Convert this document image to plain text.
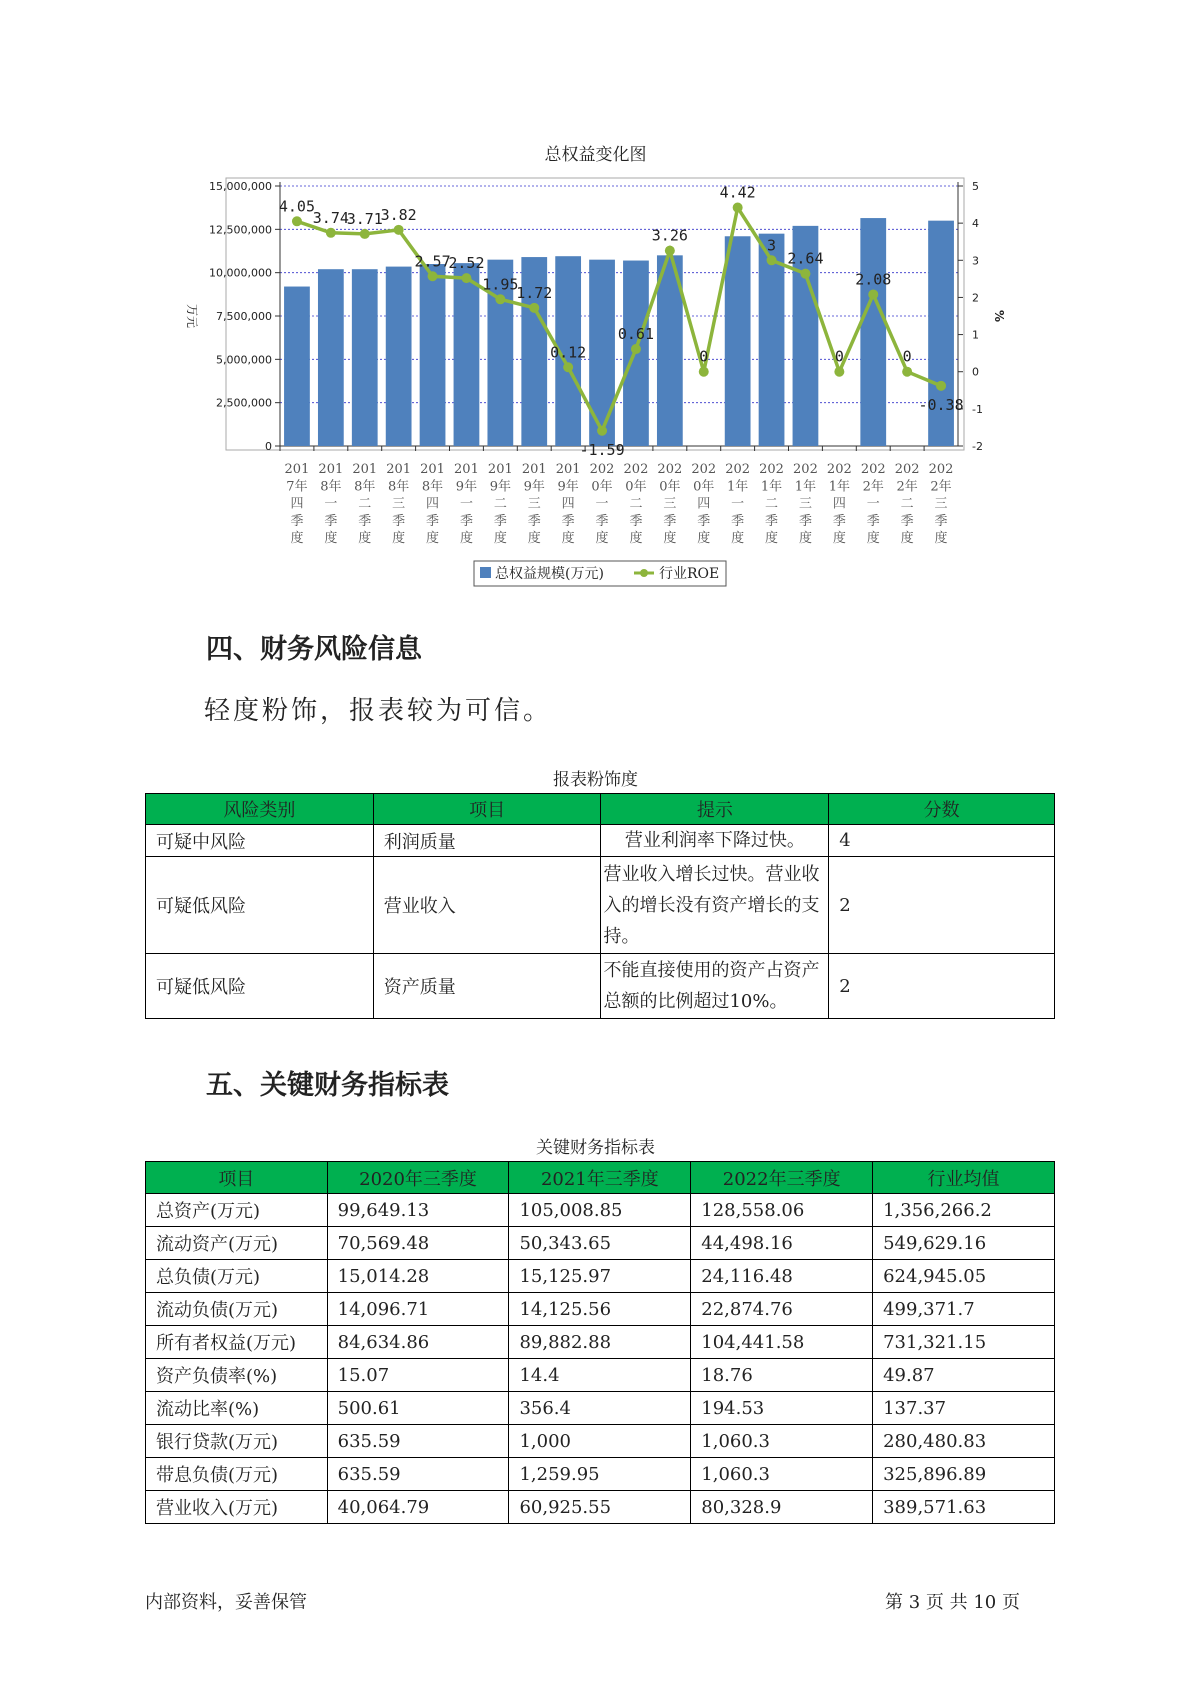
总权益变化图
0
2,500,000
5,000,000
7,500,000
10,000,000
12,500,000
15,000,000
-2
-1
0
1
2
3
4
5
万元	%
201
7年
四
季
度
201
8年
一
季
度
201
8年
二
季
度
201
8年
三
季
度
201
8年
四
季
度
201
9年
一
季
度
201
9年
二
季
度
201
9年
三
季
度
201
9年
四
季
度
202
0年
一
季
度
202
0年
二
季
度
202
0年
三
季
度
202
0年
四
季
度
202
1年
一
季
度
202
1年
二
季
度
202
1年
三
季
度
202
1年
四
季
度
202
2年
一
季
度
202
2年
二
季
度
202
2年
三
季
度
4.05
3.74
3.71
3.82
2.57
2.52
1.95
1.72
0.12
-1.59
0.61
3.26
0
4.42
3
2.64
0
2.08
0
-0.38
总权益规模(万元)	行业ROE
四、财务风险信息
轻度粉饰，报表较为可信。
报表粉饰度
风险类别	项目	提示	分数
可疑中风险	利润质量	营业利润率下降过快。	4
可疑低风险	营业收入	营业收入增长过快。营业收入的增长没有资产增长的支持。	2
可疑低风险	资产质量	不能直接使用的资产占资产总额的比例超过10%。	2
五、关键财务指标表
关键财务指标表
项目	2020年三季度	2021年三季度	2022年三季度	行业均值
总资产(万元)	99,649.13	105,008.85	128,558.06	1,356,266.2
流动资产(万元)	70,569.48	50,343.65	44,498.16	549,629.16
总负债(万元)	15,014.28	15,125.97	24,116.48	624,945.05
流动负债(万元)	14,096.71	14,125.56	22,874.76	499,371.7
所有者权益(万元)	84,634.86	89,882.88	104,441.58	731,321.15
资产负债率(%)	15.07	14.4	18.76	49.87
流动比率(%)	500.61	356.4	194.53	137.37
银行贷款(万元)	635.59	1,000	1,060.3	280,480.83
带息负债(万元)	635.59	1,259.95	1,060.3	325,896.89
营业收入(万元)	40,064.79	60,925.55	80,328.9	389,571.63
内部资料，妥善保管	第 3 页 共 10 页
